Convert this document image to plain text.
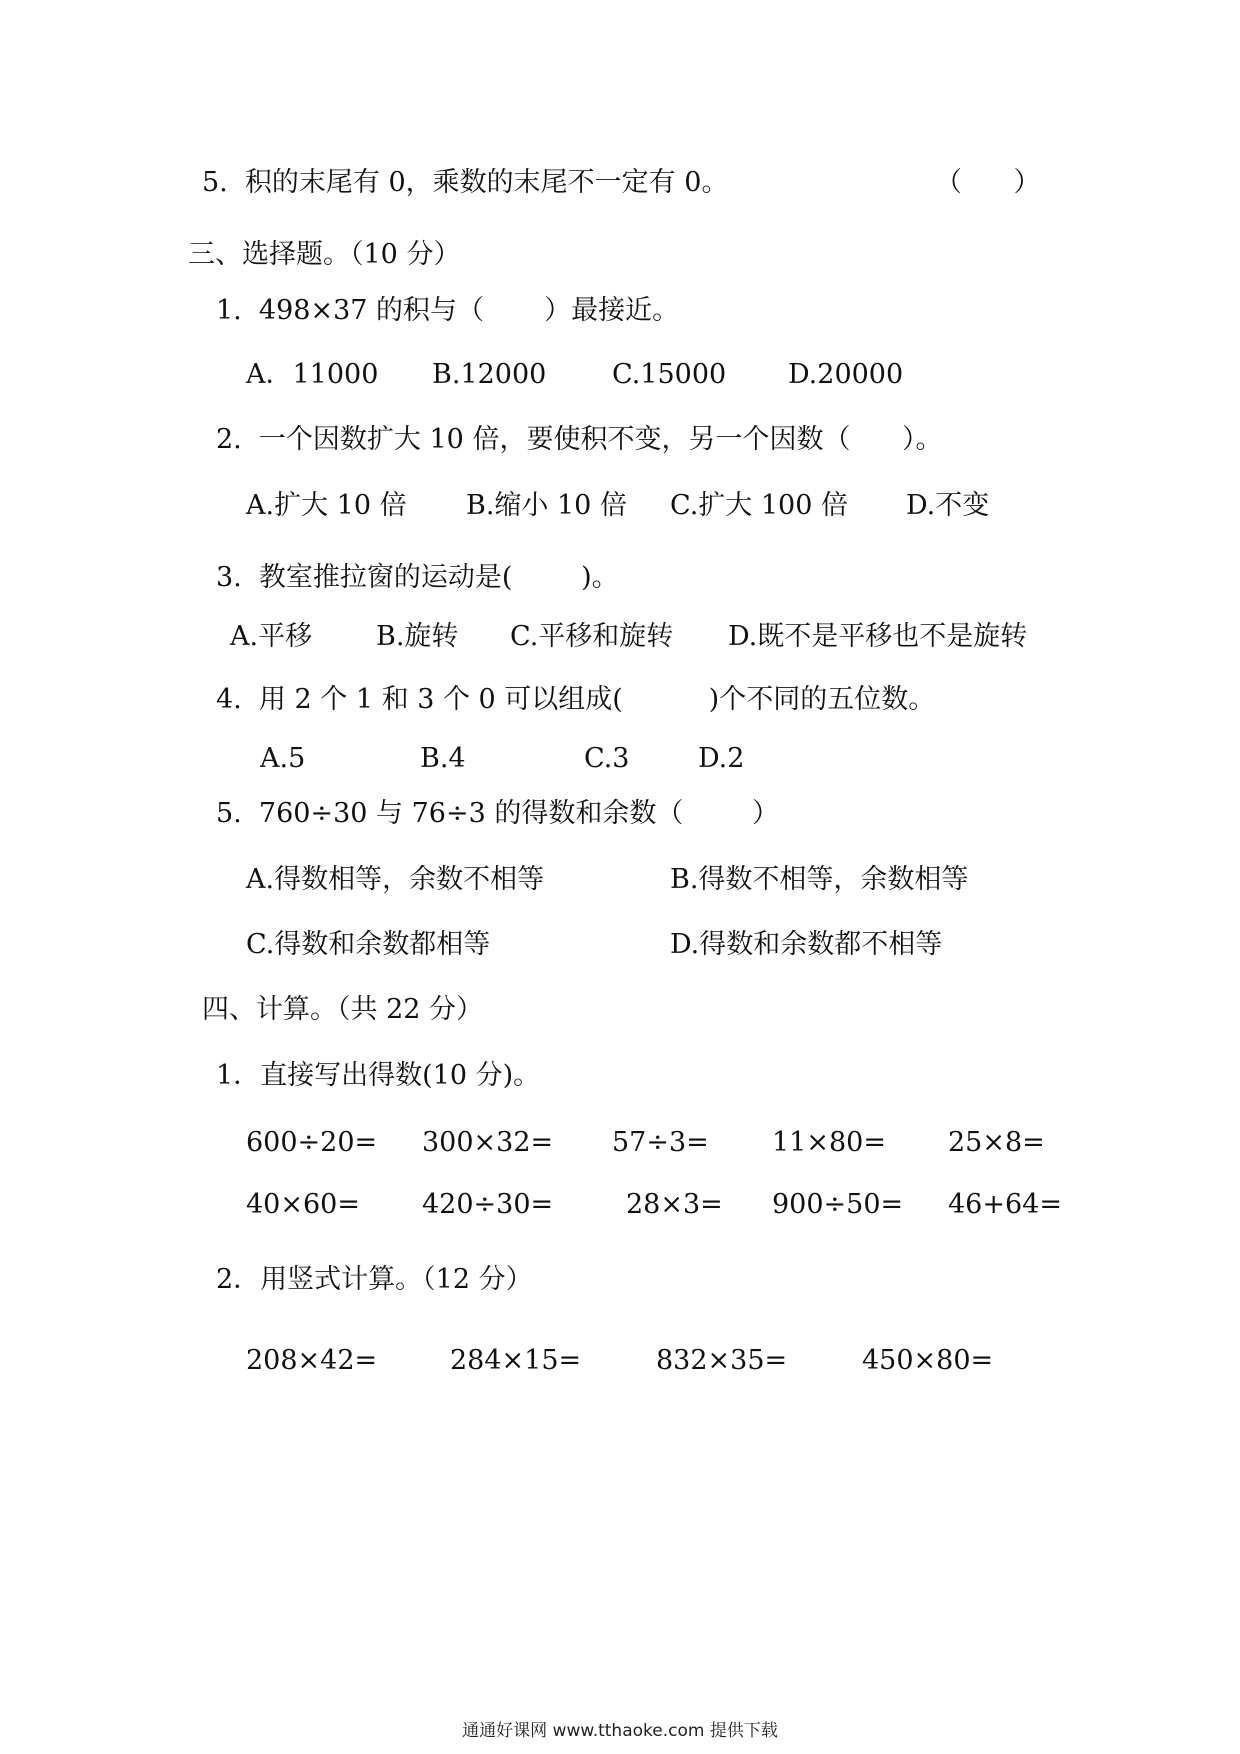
5.  积的末尾有 0，乘数的末尾不一定有 0。	（      ）
三、选择题。（10 分）
1.  498×37 的积与（       ）最接近。
A．11000 B.12000 C.15000 D.20000
2.  一个因数扩大 10 倍，要使积不变，另一个因数（      ）。
A.扩大 10 倍 B.缩小 10 倍 C.扩大 100 倍 D.不变
3.  教室推拉窗的运动是(        )。
A.平移 B.旋转 C.平移和旋转 D.既不是平移也不是旋转
4.  用 2 个 1 和 3 个 0 可以组成(          )个不同的五位数。
A.5	B.4	C.3	D.2
5.  760÷30 与 76÷3 的得数和余数（        ）
A.得数相等，余数不相等	B.得数不相等，余数相等
C.得数和余数都相等	D.得数和余数都不相等
四、计算。（共 22 分）
1．直接写出得数(10 分)。
600÷20= 300×32= 57÷3= 11×80= 25×8=
40×60= 420÷30=	28×3= 900÷50= 46+64=
2．用竖式计算。（12 分）
208×42=	284×15=	832×35=	450×80=
通通好课网 www.tthaoke.com 提供下载
